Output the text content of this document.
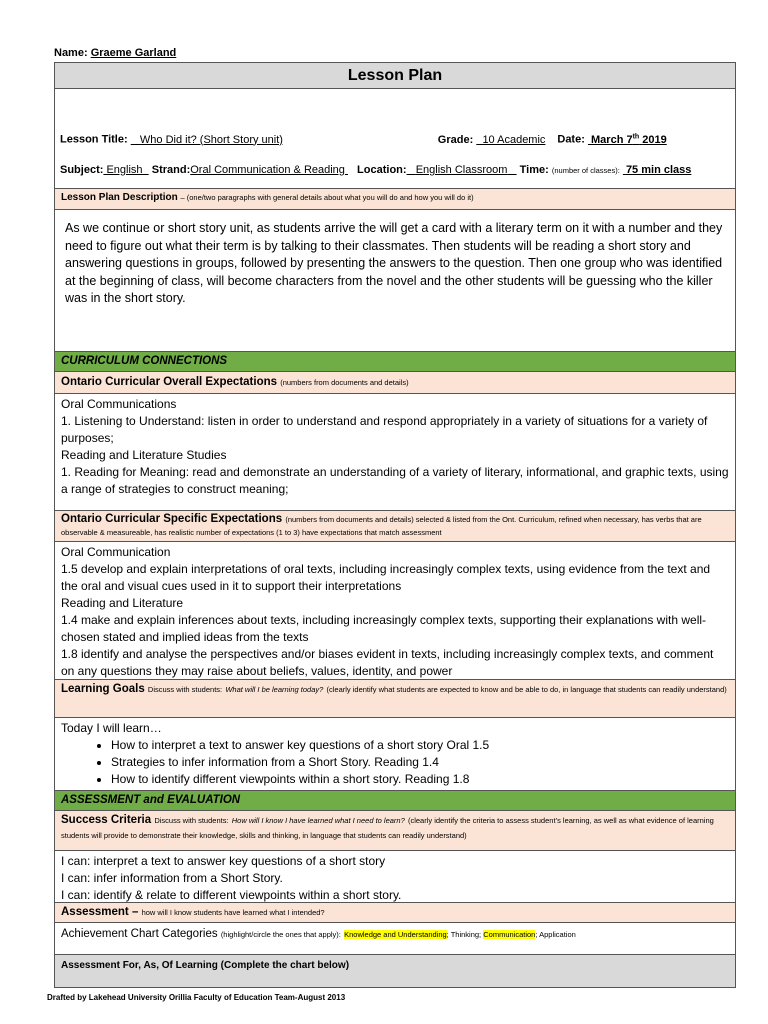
Name: Graeme Garland
Lesson Plan
Lesson Title: Who Did it? (Short Story unit)	Grade: 10 Academic Date: March 7th 2019
Subject: English Strand:Oral Communication & Reading Location: English Classroom Time: (number of classes): 75 min class
Lesson Plan Description – (one/two paragraphs with general details about what you will do and how you will do it)
As we continue or short story unit, as students arrive the will get a card with a literary term on it with a number and they need to figure out what their term is by talking to their classmates. Then students will be reading a short story and answering questions in groups, followed by presenting the answers to the question. Then one group who was identified at the beginning of class, will become characters from the novel and the other students will be guessing who the killer was in the short story.
CURRICULUM CONNECTIONS
Ontario Curricular Overall Expectations (numbers from documents and details)
Oral Communications
1. Listening to Understand: listen in order to understand and respond appropriately in a variety of situations for a variety of purposes;
Reading and Literature Studies
1. Reading for Meaning: read and demonstrate an understanding of a variety of literary, informational, and graphic texts, using a range of strategies to construct meaning;
Ontario Curricular Specific Expectations (numbers from documents and details) selected & listed from the Ont. Curriculum, refined when necessary, has verbs that are observable & measureable, has realistic number of expectations (1 to 3) have expectations that match assessment
Oral Communication
1.5 develop and explain interpretations of oral texts, including increasingly complex texts, using evidence from the text and the oral and visual cues used in it to support their interpretations
Reading and Literature
1.4 make and explain inferences about texts, including increasingly complex texts, supporting their explanations with well-chosen stated and implied ideas from the texts
1.8 identify and analyse the perspectives and/or biases evident in texts, including increasingly complex texts, and comment on any questions they may raise about beliefs, values, identity, and power
Learning Goals Discuss with students: What will I be learning today? (clearly identify what students are expected to know and be able to do, in language that students can readily understand)
Today I will learn…
• How to interpret a text to answer key questions of a short story Oral 1.5
• Strategies to infer information from a Short Story. Reading 1.4
• How to identify different viewpoints within a short story. Reading 1.8
ASSESSMENT and EVALUATION
Success Criteria Discuss with students: How will I know I have learned what I need to learn? (clearly identify the criteria to assess student’s learning, as well as what evidence of learning students will provide to demonstrate their knowledge, skills and thinking, in language that students can readily understand)
I can: interpret a text to answer key questions of a short story
I can: infer information from a Short Story.
I can: identify & relate to different viewpoints within a short story.
Assessment – how will I know students have learned what I intended?
Achievement Chart Categories (highlight/circle the ones that apply): Knowledge and Understanding; Thinking; Communication; Application
Assessment For, As, Of Learning (Complete the chart below)
Drafted by Lakehead University Orillia Faculty of Education Team-August 2013
